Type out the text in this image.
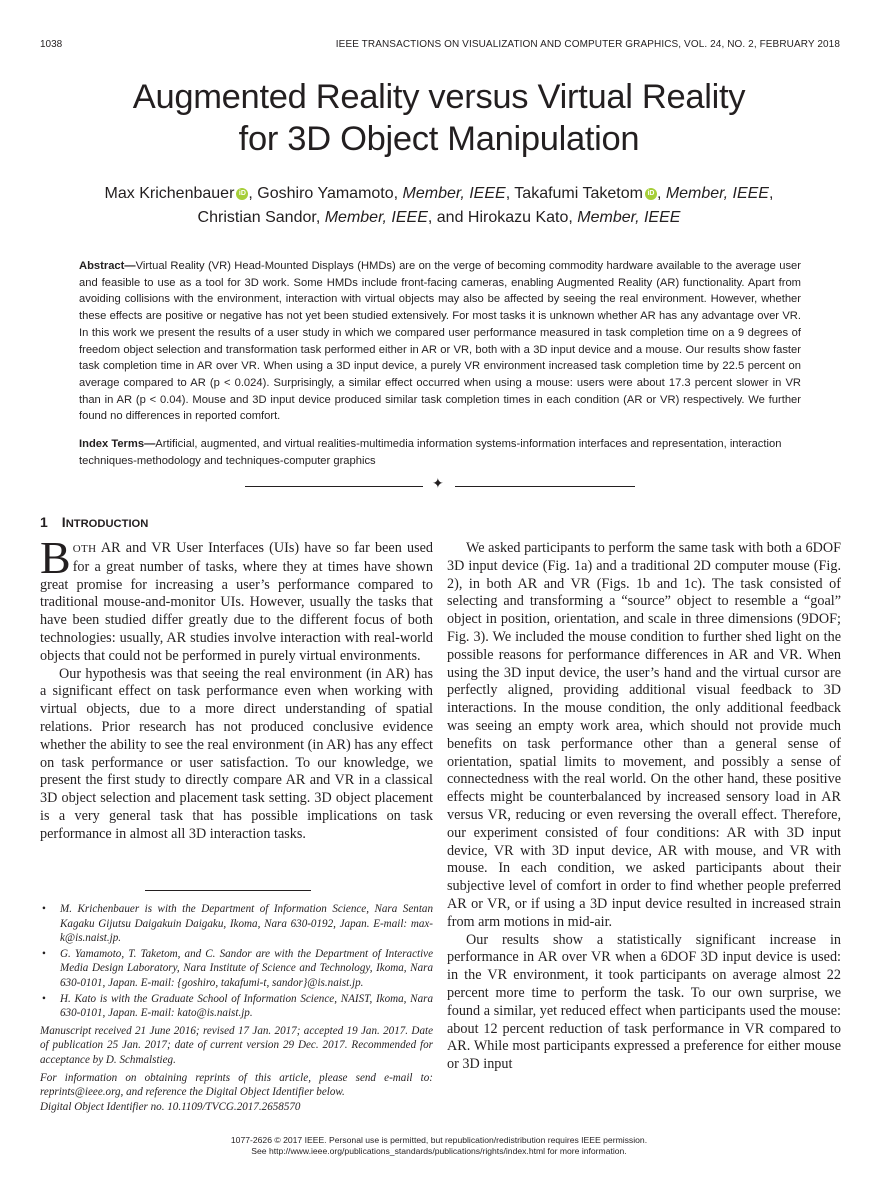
1038	IEEE TRANSACTIONS ON VISUALIZATION AND COMPUTER GRAPHICS, VOL. 24, NO. 2, FEBRUARY 2018
Augmented Reality versus Virtual Reality
for 3D Object Manipulation
Max Krichenbauer iD , Goshiro Yamamoto, Member, IEEE, Takafumi Taketom iD , Member, IEEE,
Christian Sandor, Member, IEEE, and Hirokazu Kato, Member, IEEE
Abstract—Virtual Reality (VR) Head-Mounted Displays (HMDs) are on the verge of becoming commodity hardware available to the average user and feasible to use as a tool for 3D work. Some HMDs include front-facing cameras, enabling Augmented Reality (AR) functionality. Apart from avoiding collisions with the environment, interaction with virtual objects may also be affected by seeing the real environment. However, whether these effects are positive or negative has not yet been studied extensively. For most tasks it is unknown whether AR has any advantage over VR. In this work we present the results of a user study in which we compared user performance measured in task completion time on a 9 degrees of freedom object selection and transformation task performed either in AR or VR, both with a 3D input device and a mouse. Our results show faster task completion time in AR over VR. When using a 3D input device, a purely VR environment increased task completion time by 22.5 percent on average compared to AR (p < 0.024). Surprisingly, a similar effect occurred when using a mouse: users were about 17.3 percent slower in VR than in AR (p < 0.04). Mouse and 3D input device produced similar task completion times in each condition (AR or VR) respectively. We further found no differences in reported comfort.
Index Terms—Artificial, augmented, and virtual realities-multimedia information systems-information interfaces and representation, interaction techniques-methodology and techniques-computer graphics
✦
1 INTRODUCTION

BOTH AR and VR User Interfaces (UIs) have so far been used for a great number of tasks, where they at times have shown great promise for increasing a user’s performance compared to traditional mouse-and-monitor UIs. However, usually the tasks that have been studied differ greatly due to the different focus of both technologies: usually, AR studies involve interaction with real-world objects that could not be performed in purely virtual environments.

Our hypothesis was that seeing the real environment (in AR) has a significant effect on task performance even when working with virtual objects, due to a more direct understanding of spatial relations. Prior research has not produced conclusive evidence whether the ability to see the real environment (in AR) has any effect on task performance or user satisfaction. To our knowledge, we present the first study to directly compare AR and VR in a classical 3D object selection and placement task setting. 3D object placement is a very general task that has possible implications on task performance in almost all 3D interaction tasks.

We asked participants to perform the same task with both a 6DOF 3D input device (Fig. 1a) and a traditional 2D computer mouse (Fig. 2), in both AR and VR (Figs. 1b and 1c). The task consisted of selecting and transforming a “source” object to resemble a “goal” object in position, orientation, and scale in three dimensions (9DOF; Fig. 3). We included the mouse condition to further shed light on the possible reasons for performance differences in AR and VR. When using the 3D input device, the user’s hand and the virtual cursor are perfectly aligned, providing additional visual feedback to 3D interactions. In the mouse condition, the only additional feedback was seeing an empty work area, which should not provide much benefits on task performance other than a general sense of orientation, spatial limits to movement, and possibly a sense of connectedness with the real world. On the other hand, these positive effects might be counterbalanced by increased sensory load in AR versus VR, reducing or even reversing the overall effect. Therefore, our experiment consisted of four conditions: AR with 3D input device, VR with 3D input device, AR with mouse, and VR with mouse. In each condition, we asked participants about their subjective level of comfort in order to find whether people preferred AR or VR, or if using a 3D input device resulted in increased strain from arm motions in mid-air.

Our results show a statistically significant increase in performance in AR over VR when a 6DOF 3D input device is used: in the VR environment, it took participants on average almost 22 percent more time to perform the task. To our own surprise, we found a similar, yet reduced effect when participants used the mouse: about 12 percent reduction of task performance in VR compared to AR. While most participants expressed a preference for either mouse or 3D input

• M. Krichenbauer is with the Department of Information Science, Nara Sentan Kagaku Gijutsu Daigakuin Daigaku, Ikoma, Nara 630-0192, Japan. E-mail: max-k@is.naist.jp.
• G. Yamamoto, T. Taketom, and C. Sandor are with the Department of Interactive Media Design Laboratory, Nara Institute of Science and Technology, Ikoma, Nara 630-0101, Japan. E-mail: {goshiro, takafumi-t, sandor}@is.naist.jp.
• H. Kato is with the Graduate School of Information Science, NAIST, Ikoma, Nara 630-0101, Japan. E-mail: kato@is.naist.jp.
Manuscript received 21 June 2016; revised 17 Jan. 2017; accepted 19 Jan. 2017. Date of publication 25 Jan. 2017; date of current version 29 Dec. 2017. Recommended for acceptance by D. Schmalstieg.
For information on obtaining reprints of this article, please send e-mail to: reprints@ieee.org, and reference the Digital Object Identifier below.
Digital Object Identifier no. 10.1109/TVCG.2017.2658570
1077-2626 © 2017 IEEE. Personal use is permitted, but republication/redistribution requires IEEE permission.
See http://www.ieee.org/publications_standards/publications/rights/index.html for more information.
